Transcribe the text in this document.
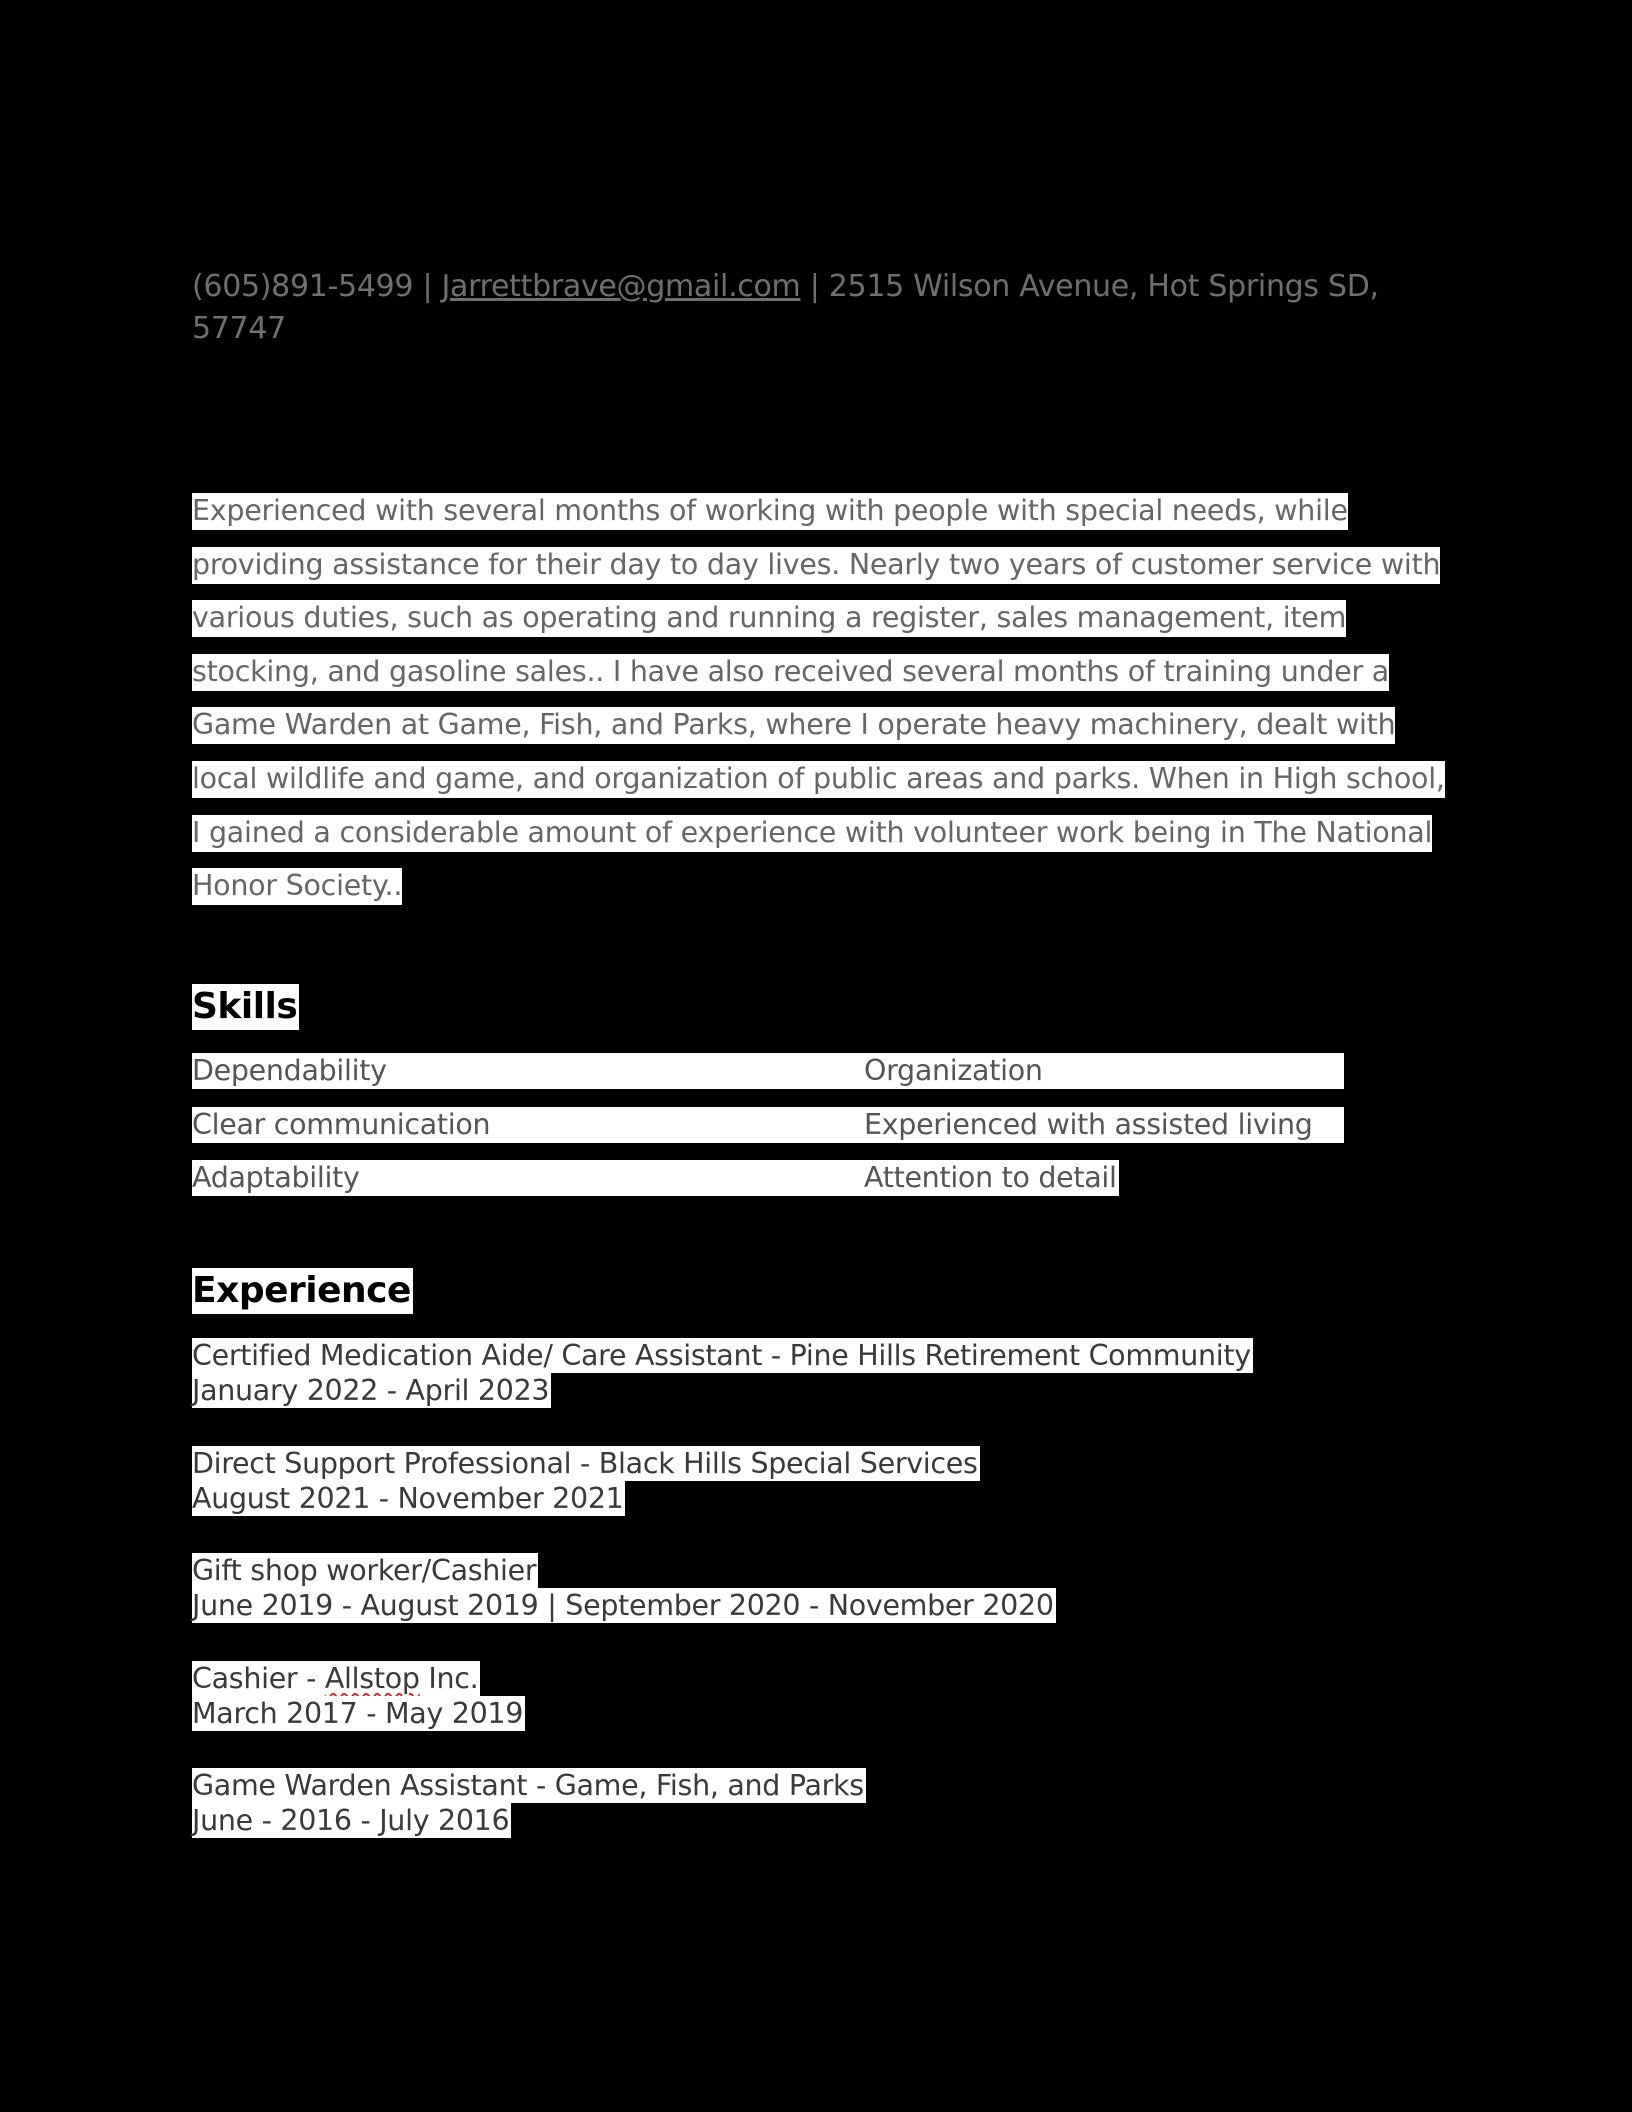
(605)891-5499 | Jarrettbrave@gmail.com | 2515 Wilson Avenue, Hot Springs SD, 57747
Experienced with several months of working with people with special needs, while providing assistance for their day to day lives. Nearly two years of customer service with various duties, such as operating and running a register, sales management, item stocking, and gasoline sales.. I have also received several months of training under a Game Warden at Game, Fish, and Parks, where I operate heavy machinery, dealt with local wildlife and game, and organization of public areas and parks. When in High school, I gained a considerable amount of experience with volunteer work being in The National Honor Society..
Skills
Dependability	Organization
Clear communication	Experienced with assisted living
Adaptability	Attention to detail
Experience
Certified Medication Aide/ Care Assistant - Pine Hills Retirement Community
January 2022 - April 2023
Direct Support Professional - Black Hills Special Services
August 2021 - November 2021
Gift shop worker/Cashier
June 2019 - August 2019 | September 2020 - November 2020
Cashier - Allstop Inc.
March 2017 - May 2019
Game Warden Assistant - Game, Fish, and Parks
June - 2016 - July 2016
